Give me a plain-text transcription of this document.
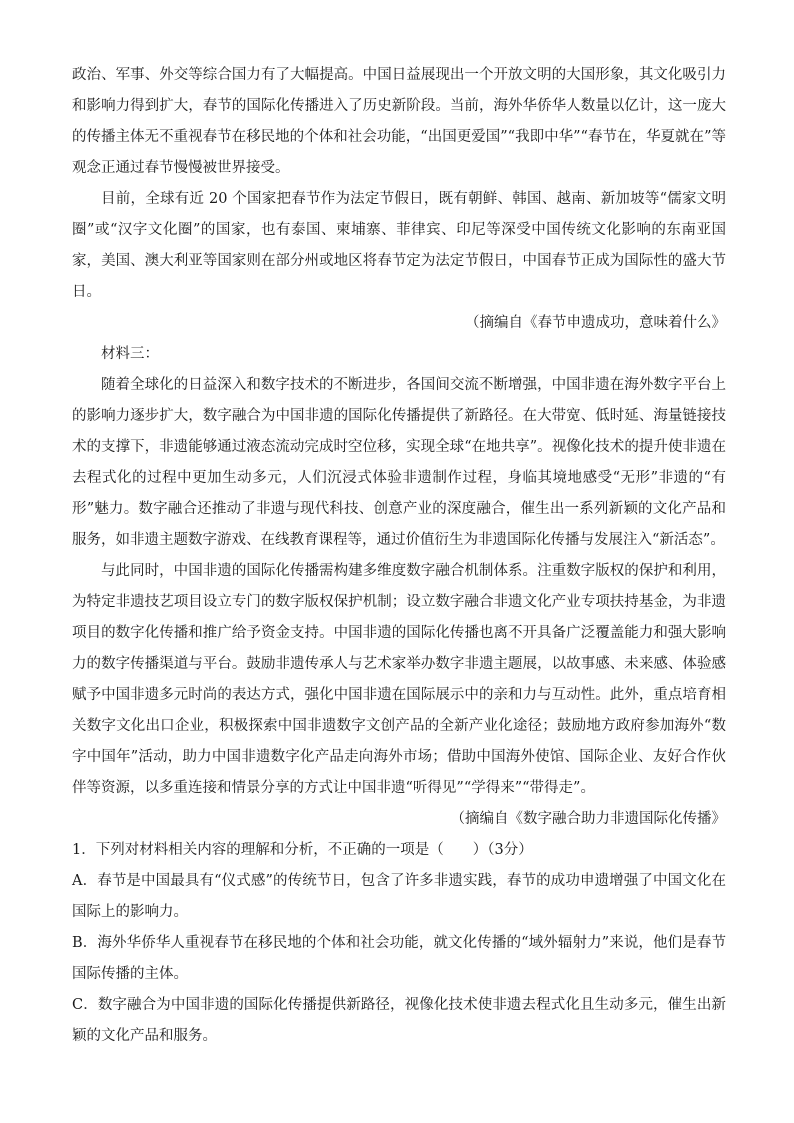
政治、军事、外交等综合国力有了大幅提高。中国日益展现出一个开放文明的大国形象，其文化吸引力和影响力得到扩大，春节的国际化传播进入了历史新阶段。当前，海外华侨华人数量以亿计，这一庞大的传播主体无不重视春节在移民地的个体和社会功能，“出国更爱国”“我即中华”“春节在，华夏就在”等观念正通过春节慢慢被世界接受。

目前，全球有近 20 个国家把春节作为法定节假日，既有朝鲜、韩国、越南、新加坡等“儒家文明圈”或“汉字文化圈”的国家，也有泰国、柬埔寨、菲律宾、印尼等深受中国传统文化影响的东南亚国家，美国、澳大利亚等国家则在部分州或地区将春节定为法定节假日，中国春节正成为国际性的盛大节日。

（摘编自《春节申遗成功，意味着什么》

材料三：

随着全球化的日益深入和数字技术的不断进步，各国间交流不断增强，中国非遗在海外数字平台上的影响力逐步扩大，数字融合为中国非遗的国际化传播提供了新路径。在大带宽、低时延、海量链接技术的支撑下，非遗能够通过液态流动完成时空位移，实现全球“在地共享”。视像化技术的提升使非遗在去程式化的过程中更加生动多元，人们沉浸式体验非遗制作过程，身临其境地感受“无形”非遗的“有形”魅力。数字融合还推动了非遗与现代科技、创意产业的深度融合，催生出一系列新颖的文化产品和服务，如非遗主题数字游戏、在线教育课程等，通过价值衍生为非遗国际化传播与发展注入“新活态”。

与此同时，中国非遗的国际化传播需构建多维度数字融合机制体系。注重数字版权的保护和利用，为特定非遗技艺项目设立专门的数字版权保护机制；设立数字融合非遗文化产业专项扶持基金，为非遗项目的数字化传播和推广给予资金支持。中国非遗的国际化传播也离不开具备广泛覆盖能力和强大影响力的数字传播渠道与平台。鼓励非遗传承人与艺术家举办数字非遗主题展，以故事感、未来感、体验感赋予中国非遗多元时尚的表达方式，强化中国非遗在国际展示中的亲和力与互动性。此外，重点培育相关数字文化出口企业，积极探索中国非遗数字文创产品的全新产业化途径；鼓励地方政府参加海外“数字中国年”活动，助力中国非遗数字化产品走向海外市场；借助中国海外使馆、国际企业、友好合作伙伴等资源，以多重连接和情景分享的方式让中国非遗“听得见”“学得来”“带得走”。

（摘编自《数字融合助力非遗国际化传播》

1．下列对材料相关内容的理解和分析，不正确的一项是（　　）（3分）

A．春节是中国最具有“仪式感”的传统节日，包含了许多非遗实践，春节的成功申遗增强了中国文化在国际上的影响力。

B．海外华侨华人重视春节在移民地的个体和社会功能，就文化传播的“域外辐射力”来说，他们是春节国际传播的主体。

C．数字融合为中国非遗的国际化传播提供新路径，视像化技术使非遗去程式化且生动多元，催生出新颖的文化产品和服务。
